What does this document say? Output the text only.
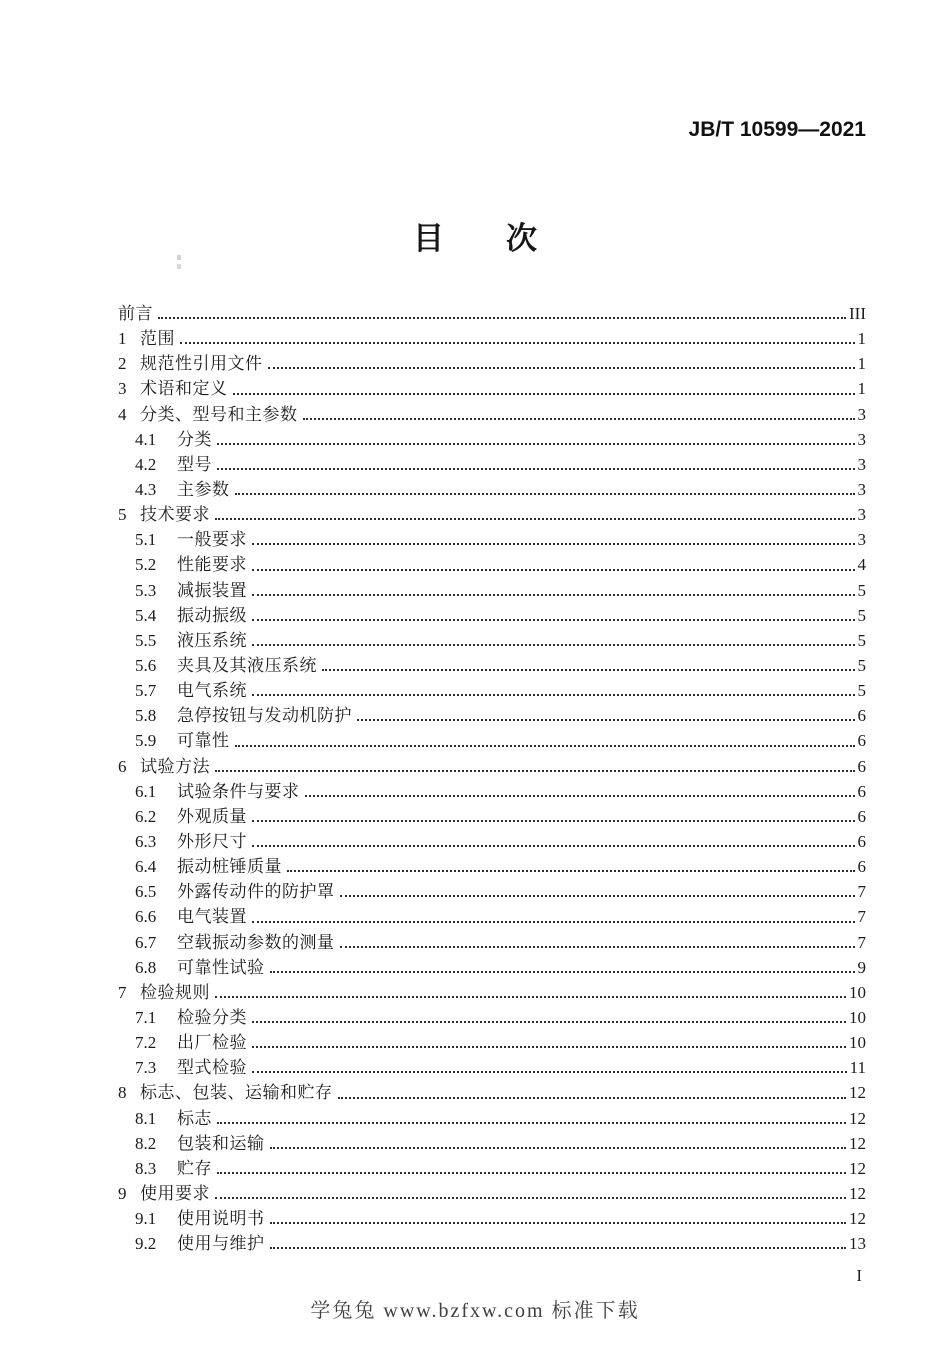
JB/T 10599—2021
目　　次
前言	III
1 范围	1
2 规范性引用文件	1
3 术语和定义	1
4 分类、型号和主参数	3
4.1	分类	3
4.2	型号	3
4.3	主参数	3
5 技术要求	3
5.1	一般要求	3
5.2	性能要求	4
5.3	减振装置	5
5.4	振动振级	5
5.5	液压系统	5
5.6	夹具及其液压系统	5
5.7	电气系统	5
5.8	急停按钮与发动机防护	6
5.9	可靠性	6
6 试验方法	6
6.1	试验条件与要求	6
6.2	外观质量	6
6.3	外形尺寸	6
6.4	振动桩锤质量	6
6.5	外露传动件的防护罩	7
6.6	电气装置	7
6.7	空载振动参数的测量	7
6.8	可靠性试验	9
7 检验规则	10
7.1	检验分类	10
7.2	出厂检验	10
7.3	型式检验	11
8 标志、包装、运输和贮存	12
8.1	标志	12
8.2	包装和运输	12
8.3	贮存	12
9 使用要求	12
9.1	使用说明书	12
9.2	使用与维护	13
I
学兔兔 www.bzfxw.com 标准下载
